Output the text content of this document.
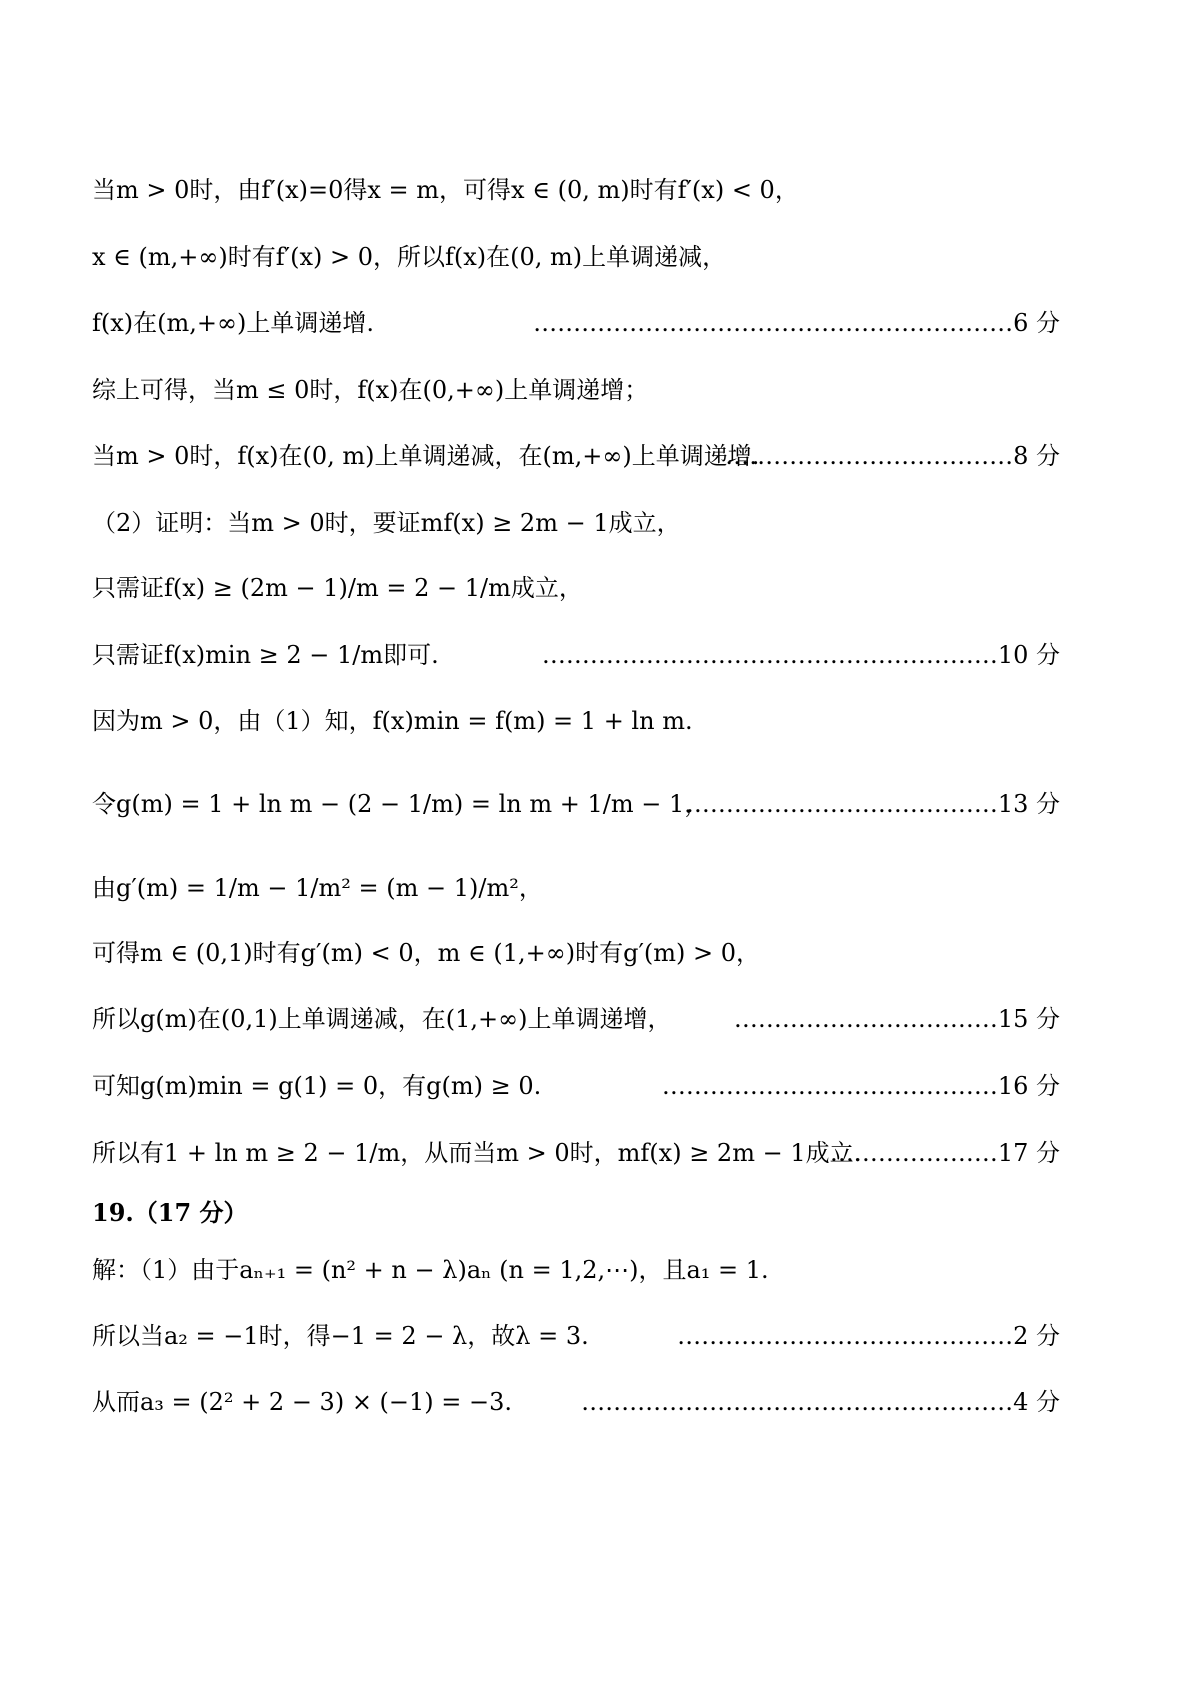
当m > 0时，由f′(x)=0得x = m，可得x ∈ (0, m)时有f′(x) < 0，
x ∈ (m,+∞)时有f′(x) > 0，所以f(x)在(0, m)上单调递减，
f(x)在(m,+∞)上单调递增.	……………………………………………………6 分
综上可得，当m ≤ 0时，f(x)在(0,+∞)上单调递增；
当m > 0时，f(x)在(0, m)上单调递减，在(m,+∞)上单调递增.
………………………………8 分
（2）证明：当m > 0时，要证mf(x) ≥ 2m − 1成立，
只需证f(x) ≥ (2m − 1)/m = 2 − 1/m成立，
只需证f(x)min ≥ 2 − 1/m即可.	…………………………………………………10 分
因为m > 0，由（1）知，f(x)min = f(m) = 1 + ln m.
令g(m) = 1 + ln m − (2 − 1/m) = ln m + 1/m − 1，
…………………………………13 分
由g′(m) = 1/m − 1/m² = (m − 1)/m²，
可得m ∈ (0,1)时有g′(m) < 0，m ∈ (1,+∞)时有g′(m) > 0，
所以g(m)在(0,1)上单调递减，在(1,+∞)上单调递增，	……………………………15 分
可知g(m)min = g(1) = 0，有g(m) ≥ 0.	……………………………………16 分
所以有1 + ln m ≥ 2 − 1/m，从而当m > 0时，mf(x) ≥ 2m − 1成立.
…………………17 分
19.（17 分）
解：（1）由于aₙ₊₁ = (n² + n − λ)aₙ (n = 1,2,⋯)，且a₁ = 1.
所以当a₂ = −1时，得−1 = 2 − λ，故λ = 3.	……………………………………2 分
从而a₃ = (2² + 2 − 3) × (−1) = −3.	………………………………………………4 分
